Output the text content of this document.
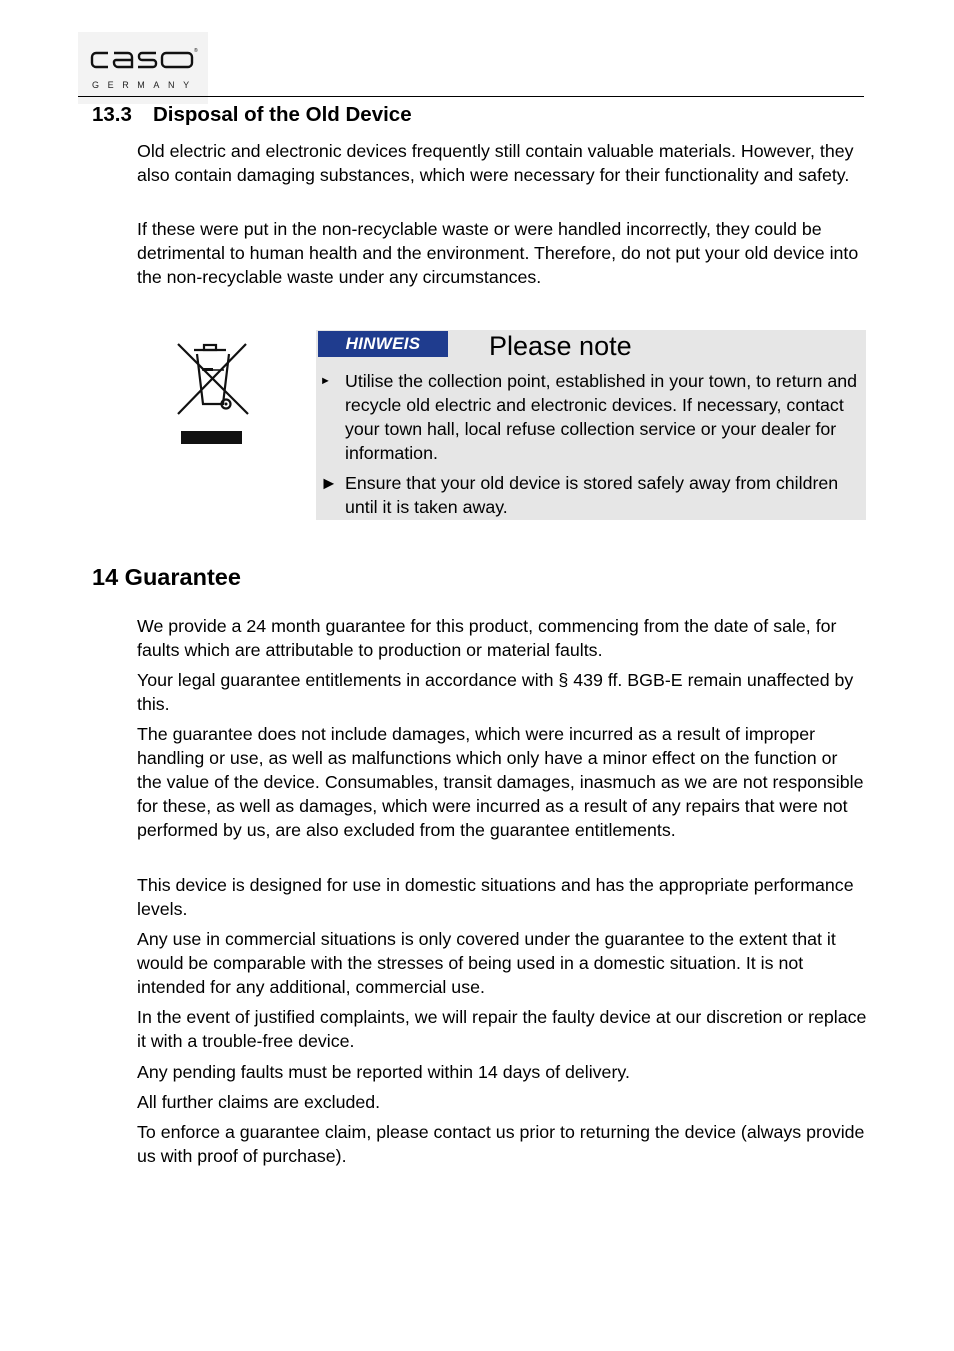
®
GERMANY
13.3 Disposal of the Old Device
Old electric and electronic devices frequently still contain valuable materials. However, they also contain damaging substances, which were necessary for their functionality and safety.
If these were put in the non-recyclable waste or were handled incorrectly, they could be detrimental to human health and the environment. Therefore, do not put your old device into the non-recyclable waste under any circumstances.
HINWEIS	Please note
► Utilise the collection point, established in your town, to return and recycle old electric and electronic devices. If necessary, contact your town hall, local refuse collection service or your dealer for information.
► Ensure that your old device is stored safely away from children until it is taken away.
14 Guarantee
We provide a 24 month guarantee for this product, commencing from the date of sale, for faults which are attributable to production or material faults.
Your legal guarantee entitlements in accordance with § 439 ff. BGB-E remain unaffected by this.
The guarantee does not include damages, which were incurred as a result of improper handling or use, as well as malfunctions which only have a minor effect on the function or the value of the device. Consumables, transit damages, inasmuch as we are not responsible for these, as well as damages, which were incurred as a result of any repairs that were not performed by us, are also excluded from the guarantee entitlements.
This device is designed for use in domestic situations and has the appropriate performance levels.
Any use in commercial situations is only covered under the guarantee to the extent that it would be comparable with the stresses of being used in a domestic situation. It is not intended for any additional, commercial use.
In the event of justified complaints, we will repair the faulty device at our discretion or replace it with a trouble-free device.
Any pending faults must be reported within 14 days of delivery.
All further claims are excluded.
To enforce a guarantee claim, please contact us prior to returning the device (always provide us with proof of purchase).
